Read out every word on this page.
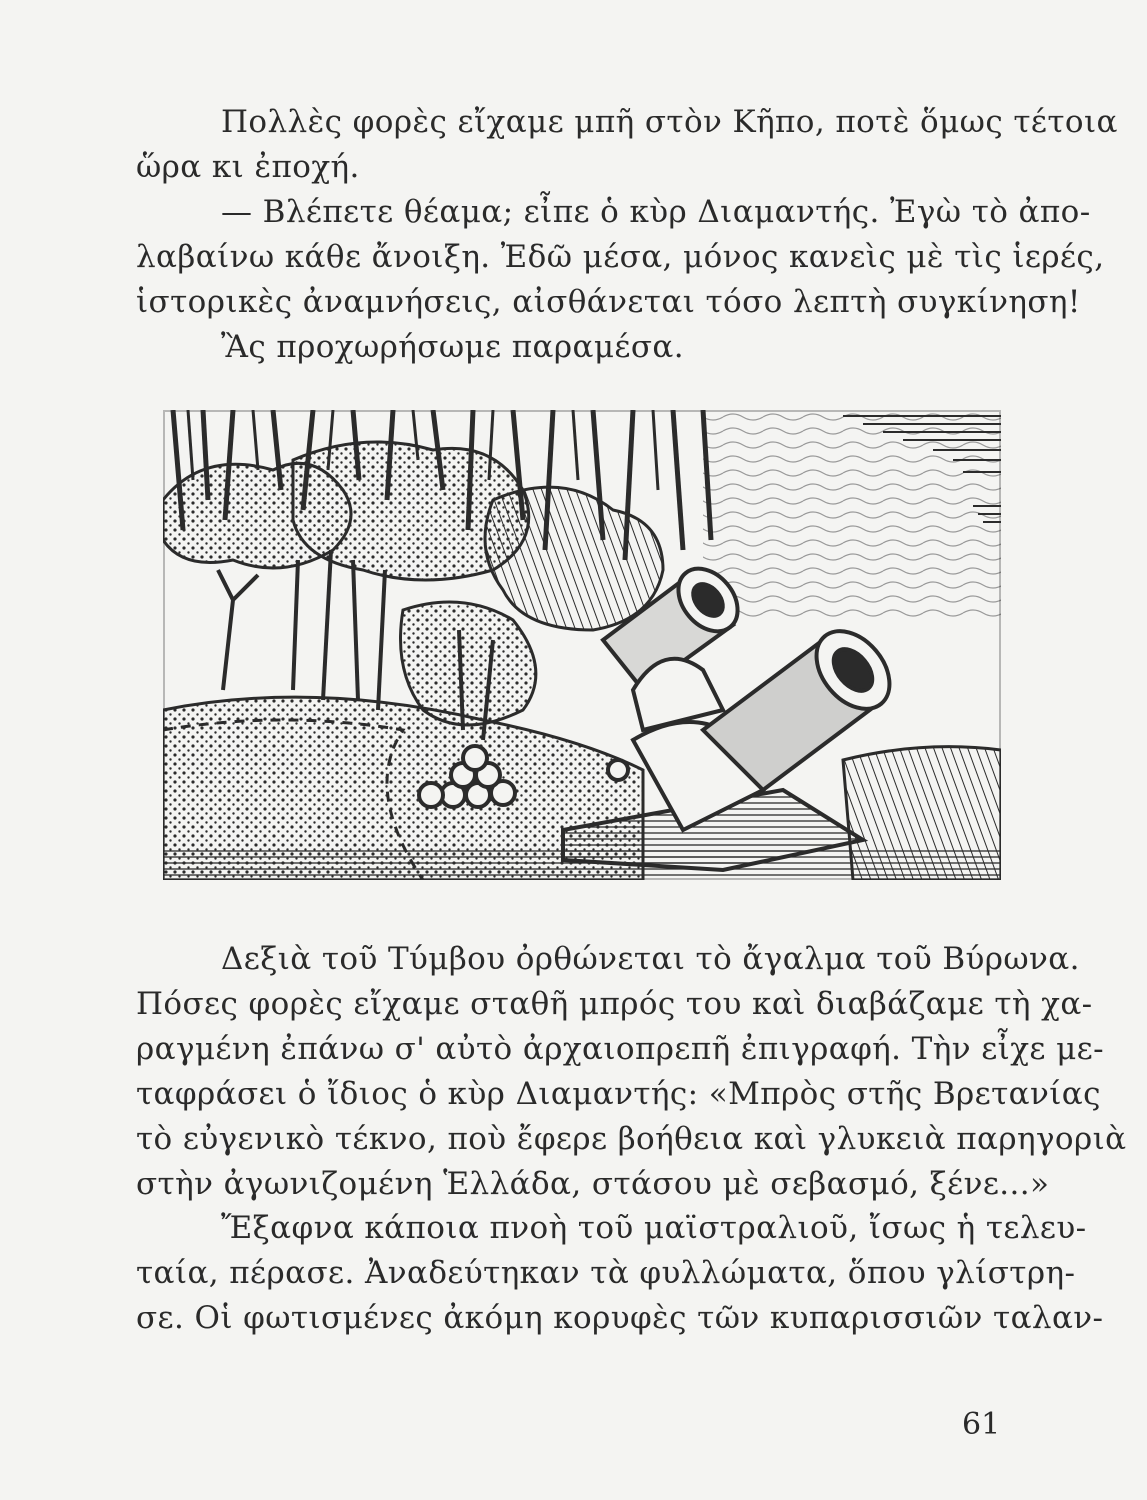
Πολλὲς φορὲς εἴχαμε μπῆ στὸν Κῆπο, ποτὲ ὅμως τέτοια
ὥρα κι ἐποχή.
— Βλέπετε θέαμα; εἶπε ὁ κὺρ Διαμαντής. Ἐγὼ τὸ ἀπο-
λαβαίνω κάθε ἄνοιξη. Ἐδῶ μέσα, μόνος κανεὶς μὲ τὶς ἱερές,
ἱστορικὲς ἀναμνήσεις, αἰσθάνεται τόσο λεπτὴ συγκίνηση!
Ἂς προχωρήσωμε παραμέσα.
Δεξιὰ τοῦ Τύμβου ὀρθώνεται τὸ ἄγαλμα τοῦ Βύρωνα.
Πόσες φορὲς εἴχαμε σταθῆ μπρός του καὶ διαβάζαμε τὴ χα-
ραγμένη ἐπάνω σ' αὐτὸ ἀρχαιοπρεπῆ ἐπιγραφή. Τὴν εἶχε με-
ταφράσει ὁ ἴδιος ὁ κὺρ Διαμαντής: «Μπρὸς στῆς Βρετανίας
τὸ εὐγενικὸ τέκνο, ποὺ ἔφερε βοήθεια καὶ γλυκειὰ παρηγοριὰ
στὴν ἀγωνιζομένη Ἑλλάδα, στάσου μὲ σεβασμό, ξένε...»
Ἔξαφνα κάποια πνοὴ τοῦ μαϊστραλιοῦ, ἴσως ἡ τελευ-
ταία, πέρασε. Ἀναδεύτηκαν τὰ φυλλώματα, ὅπου γλίστρη-
σε. Οἱ φωτισμένες ἀκόμη κορυφὲς τῶν κυπαρισσιῶν ταλαν-
61
